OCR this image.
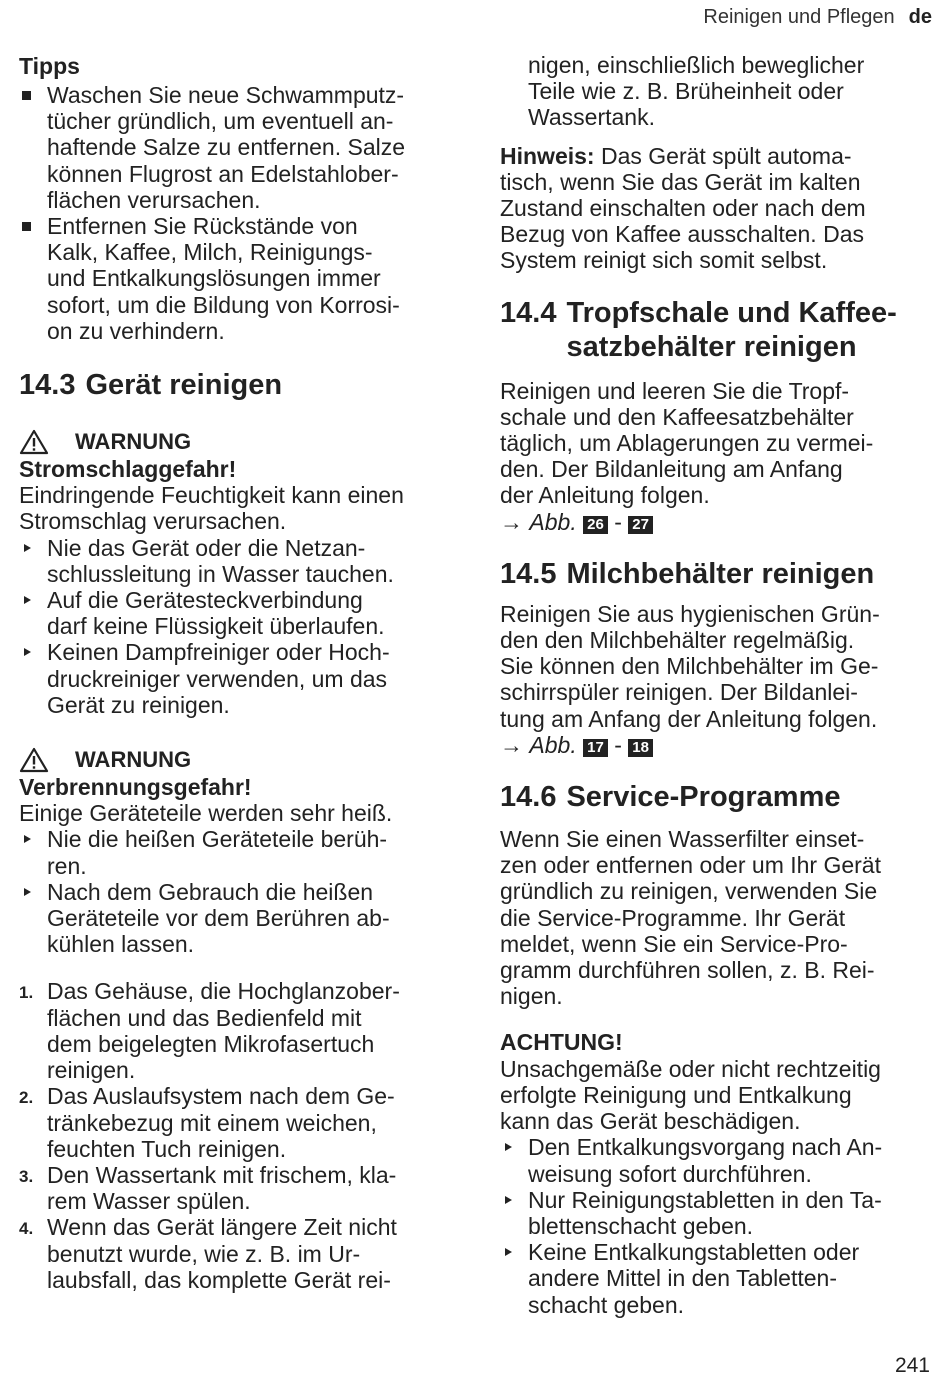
Reinigen und Pflegen de
Tipps
Waschen Sie neue Schwammputz-
tücher gründlich, um eventuell an-
haftende Salze zu entfernen. Salze
können Flugrost an Edelstahlober-
flächen verursachen.
Entfernen Sie Rückstände von
Kalk, Kaffee, Milch, Reinigungs-
und Entkalkungslösungen immer
sofort, um die Bildung von Korrosi-
on zu verhindern.
14.3 Gerät reinigen
WARNUNG
Stromschlaggefahr!
Eindringende Feuchtigkeit kann einen
Stromschlag verursachen.
Nie das Gerät oder die Netzan-
schlussleitung in Wasser tauchen.
Auf die Gerätesteckverbindung
darf keine Flüssigkeit überlaufen.
Keinen Dampfreiniger oder Hoch-
druckreiniger verwenden, um das
Gerät zu reinigen.
WARNUNG
Verbrennungsgefahr!
Einige Geräteteile werden sehr heiß.
Nie die heißen Geräteteile berüh-
ren.
Nach dem Gebrauch die heißen
Geräteteile vor dem Berühren ab-
kühlen lassen.
1. Das Gehäuse, die Hochglanzober-
flächen und das Bedienfeld mit
dem beigelegten Mikrofasertuch
reinigen.
2. Das Auslaufsystem nach dem Ge-
tränkebezug mit einem weichen,
feuchten Tuch reinigen.
3. Den Wassertank mit frischem, kla-
rem Wasser spülen.
4. Wenn das Gerät längere Zeit nicht
benutzt wurde, wie z. B. im Ur-
laubsfall, das komplette Gerät rei-
nigen, einschließlich beweglicher
Teile wie z. B. Brüheinheit oder
Wassertank.
Hinweis: Das Gerät spült automa-
tisch, wenn Sie das Gerät im kalten
Zustand einschalten oder nach dem
Bezug von Kaffee ausschalten. Das
System reinigt sich somit selbst.
14.4 Tropfschale und Kaffee-
satzbehälter reinigen
Reinigen und leeren Sie die Tropf-
schale und den Kaffeesatzbehälter
täglich, um Ablagerungen zu vermei-
den. Der Bildanleitung am Anfang
der Anleitung folgen.
→ Abb. 26 - 27
14.5 Milchbehälter reinigen
Reinigen Sie aus hygienischen Grün-
den den Milchbehälter regelmäßig.
Sie können den Milchbehälter im Ge-
schirrspüler reinigen. Der Bildanlei-
tung am Anfang der Anleitung folgen.
→ Abb. 17 - 18
14.6 Service-Programme
Wenn Sie einen Wasserfilter einset-
zen oder entfernen oder um Ihr Gerät
gründlich zu reinigen, verwenden Sie
die Service-Programme. Ihr Gerät
meldet, wenn Sie ein Service-Pro-
gramm durchführen sollen, z. B. Rei-
nigen.
ACHTUNG!
Unsachgemäße oder nicht rechtzeitig
erfolgte Reinigung und Entkalkung
kann das Gerät beschädigen.
Den Entkalkungsvorgang nach An-
weisung sofort durchführen.
Nur Reinigungstabletten in den Ta-
blettenschacht geben.
Keine Entkalkungstabletten oder
andere Mittel in den Tabletten-
schacht geben.
241
